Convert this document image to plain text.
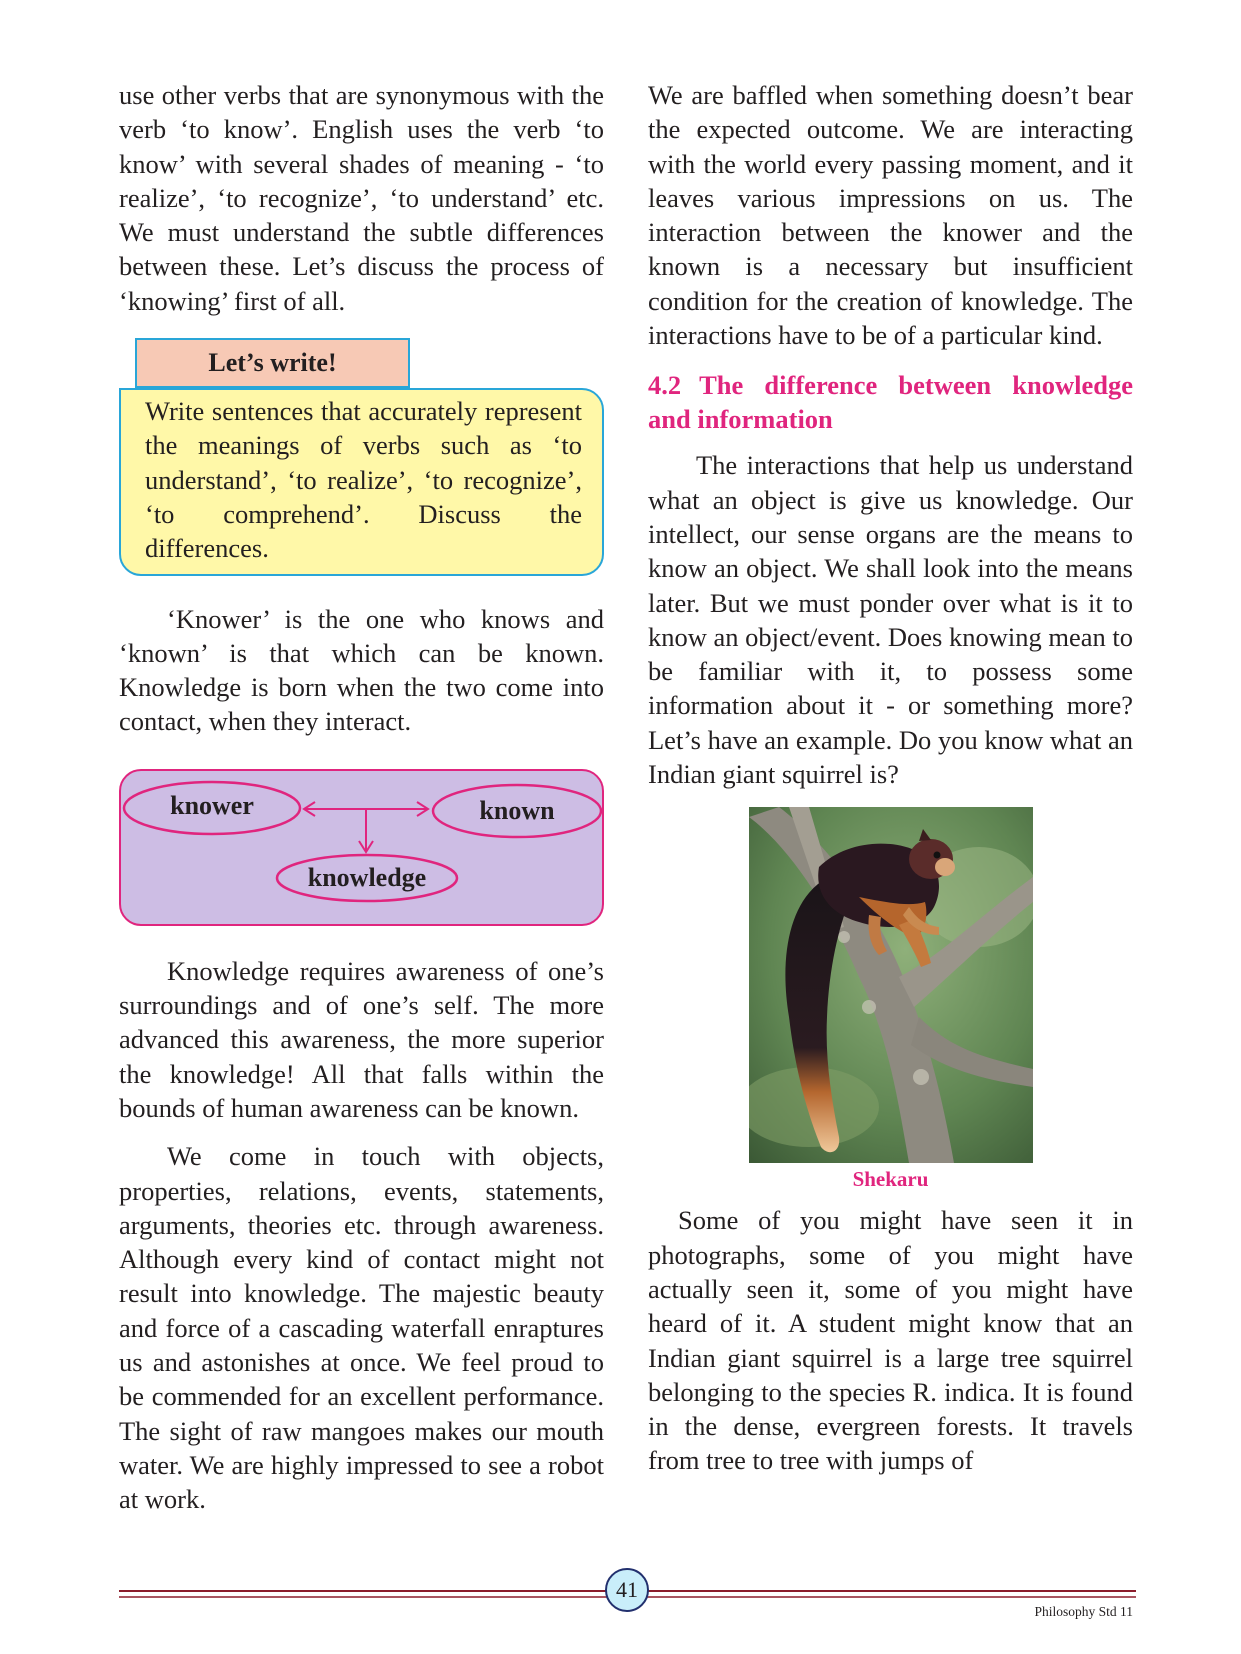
use other verbs that are synonymous with the verb ‘to know’. English uses the verb ‘to know’ with several shades of meaning - ‘to realize’, ‘to recognize’, ‘to understand’ etc. We must understand the subtle differences between these. Let’s discuss the process of ‘knowing’ first of all.

Let’s write!

Write sentences that accurately represent the meanings of verbs such as ‘to understand’, ‘to realize’, ‘to recognize’, ‘to comprehend’. Discuss the differences.

‘Knower’ is the one who knows and ‘known’ is that which can be known. Knowledge is born when the two come into contact, when they interact.

knower	known
knowledge

Knowledge requires awareness of one’s surroundings and of one’s self. The more advanced this awareness, the more superior the knowledge! All that falls within the bounds of human awareness can be known.

We come in touch with objects, properties, relations, events, statements, arguments, theories etc. through awareness. Although every kind of contact might not result into knowledge. The majestic beauty and force of a cascading waterfall enraptures us and astonishes at once. We feel proud to be commended for an excellent performance. The sight of raw mangoes makes our mouth water. We are highly impressed to see a robot at work.

We are baffled when something doesn’t bear the expected outcome. We are interacting with the world every passing moment, and it leaves various impressions on us. The interaction between the knower and the known is a necessary but insufficient condition for the creation of knowledge. The interactions have to be of a particular kind.

4.2 The difference between knowledge and information

The interactions that help us understand what an object is give us knowledge. Our intellect, our sense organs are the means to know an object. We shall look into the means later. But we must ponder over what is it to know an object/event. Does knowing mean to be familiar with it, to possess some information about it - or something more? Let’s have an example. Do you know what an Indian giant squirrel is?

Shekaru

Some of you might have seen it in photographs, some of you might have actually seen it, some of you might have heard of it. A student might know that an Indian giant squirrel is a large tree squirrel belonging to the species R. indica. It is found in the dense, evergreen forests. It travels from tree to tree with jumps of

41
Philosophy Std 11
